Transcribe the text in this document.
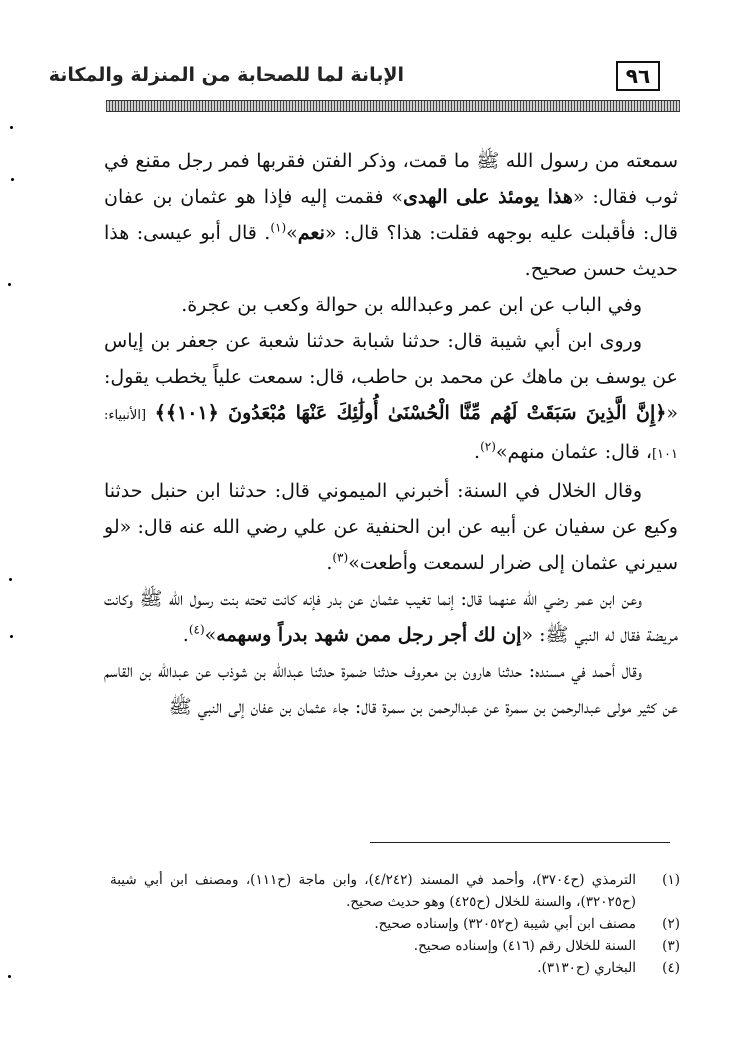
٩٦
الإبانة لما للصحابة من المنزلة والمكانة

سمعته من رسول الله ﷺ ما قمت، وذكر الفتن فقربها فمر رجل مقنع في ثوب فقال: «هذا يومئذ على الهدى» فقمت إليه فإذا هو عثمان بن عفان قال: فأقبلت عليه بوجهه فقلت: هذا؟ قال: «نعم»$^{(١)}$. قال أبو عيسى: هذا حديث حسن صحيح.

وفي الباب عن ابن عمر وعبدالله بن حوالة وكعب بن عجرة.

وروى ابن أبي شيبة قال: حدثنا شبابة حدثنا شعبة عن جعفر بن إياس عن يوسف بن ماهك عن محمد بن حاطب، قال: سمعت علياً يخطب يقول: «﴿إِنَّ الَّذِينَ سَبَقَتْ لَهُم مِّنَّا الْحُسْنَىٰ أُولَٰئِكَ عَنْهَا مُبْعَدُونَ ﴿١٠١﴾﴾ [الأنبياء: ١٠١]، قال: عثمان منهم»$^{(٢)}$.

وقال الخلال في السنة: أخبرني الميموني قال: حدثنا ابن حنبل حدثنا وكيع عن سفيان عن أبيه عن ابن الحنفية عن علي رضي الله عنه قال: «لو سيرني عثمان إلى ضرار لسمعت وأطعت»$^{(٣)}$.

وعن ابن عمر رضي الله عنهما قال: إنما تغيب عثمان عن بدر فإنه كانت تحته بنت رسول الله ﷺ وكانت مريضة فقال له النبي ﷺ: «إن لك أجر رجل ممن شهد بدراً وسهمه»$^{(٤)}$.

وقال أحمد في مسنده: حدثنا هارون بن معروف حدثنا ضمرة حدثنا عبدالله بن شوذب عن عبدالله بن القاسم عن كثير مولى عبدالرحمن بن سمرة عن عبدالرحمن بن سمرة قال: جاء عثمان بن عفان إلى النبي ﷺ

(١)
الترمذي (ح٣٧٠٤)، وأحمد في المسند (٤/٢٤٢)، وابن ماجة (ح١١١)، ومصنف ابن أبي شيبة (ح٣٢٠٢٥)، والسنة للخلال (ح٤٢٥) وهو حديث صحيح.
(٢)
مصنف ابن أبي شيبة (ح٣٢٠٥٢) وإسناده صحيح.
(٣)
السنة للخلال رقم (٤١٦) وإسناده صحيح.
(٤)
البخاري (ح٣١٣٠).
